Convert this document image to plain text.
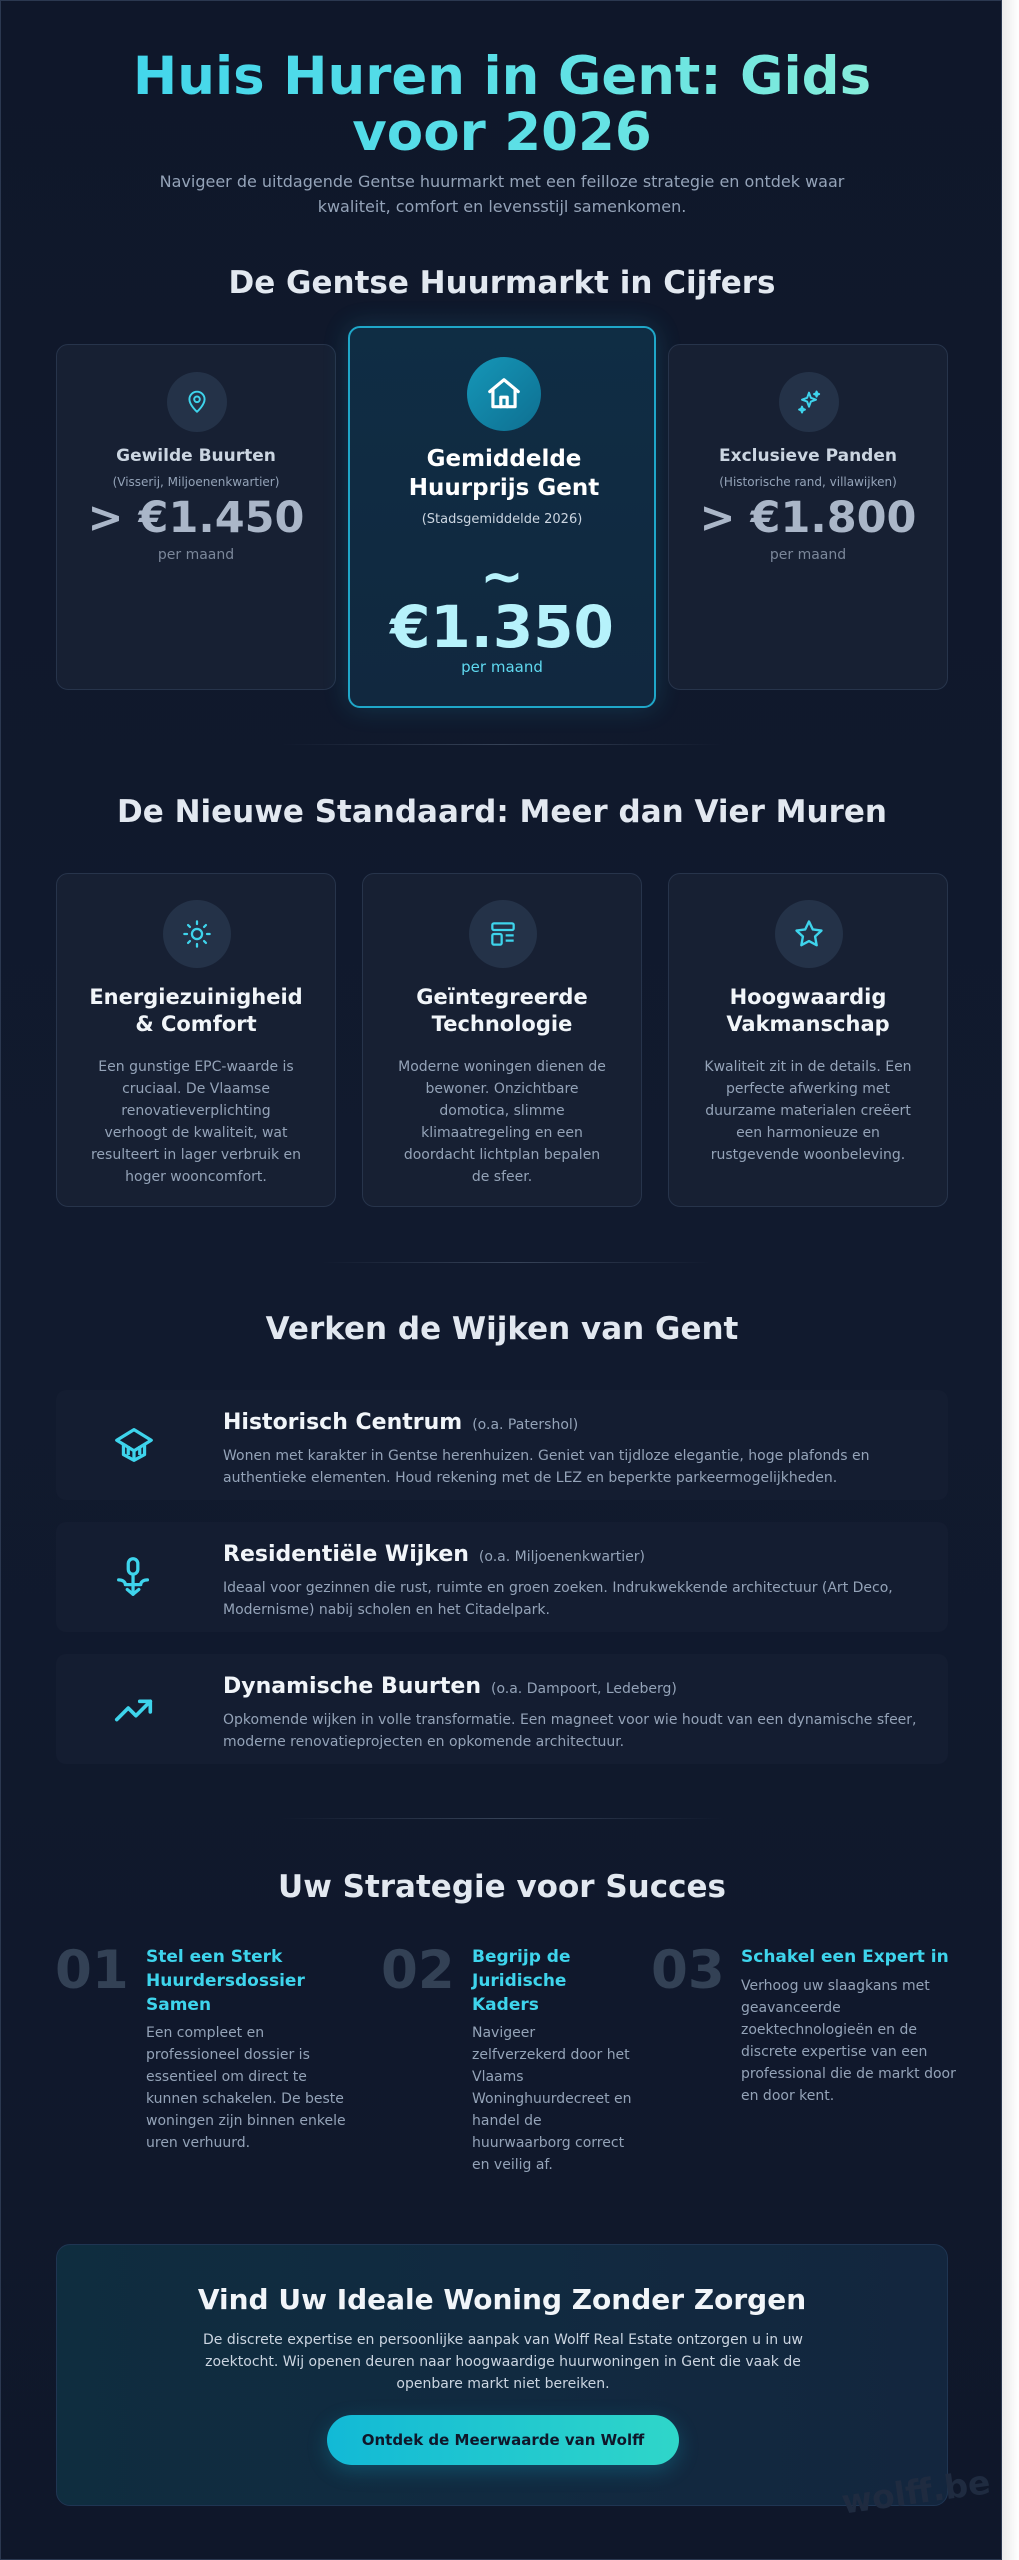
Huis Huren in Gent: Gids voor 2026

Navigeer de uitdagende Gentse huurmarkt met een feilloze strategie en ontdek waar kwaliteit, comfort en levensstijl samenkomen.

De Gentse Huurmarkt in Cijfers
Gewilde Buurten
(Visserij, Miljoenenkwartier)
> €1.450
per maand
Gemiddelde Huurprijs Gent
(Stadsgemiddelde 2026)
~
€1.350
per maand
Exclusieve Panden
(Historische rand, villawijken)
> €1.800
per maand
De Nieuwe Standaard: Meer dan Vier Muren
Energiezuinigheid & Comfort
Een gunstige EPC-waarde is cruciaal. De Vlaamse renovatieverplichting verhoogt de kwaliteit, wat resulteert in lager verbruik en hoger wooncomfort.
Geïntegreerde Technologie
Moderne woningen dienen de bewoner. Onzichtbare domotica, slimme klimaatregeling en een doordacht lichtplan bepalen de sfeer.
Hoogwaardig Vakmanschap
Kwaliteit zit in de details. Een perfecte afwerking met duurzame materialen creëert een harmonieuze en rustgevende woonbeleving.
Verken de Wijken van Gent
Historisch Centrum (o.a. Patershol)
Wonen met karakter in Gentse herenhuizen. Geniet van tijdloze elegantie, hoge plafonds en authentieke elementen. Houd rekening met de LEZ en beperkte parkeermogelijkheden.
Residentiële Wijken (o.a. Miljoenenkwartier)
Ideaal voor gezinnen die rust, ruimte en groen zoeken. Indrukwekkende architectuur (Art Deco, Modernisme) nabij scholen en het Citadelpark.
Dynamische Buurten (o.a. Dampoort, Ledeberg)
Opkomende wijken in volle transformatie. Een magneet voor wie houdt van een dynamische sfeer, moderne renovatieprojecten en opkomende architectuur.
Uw Strategie voor Succes
01 Stel een Sterk Huurdersdossier Samen
Een compleet en professioneel dossier is essentieel om direct te kunnen schakelen. De beste woningen zijn binnen enkele uren verhuurd.
02 Begrijp de Juridische Kaders
Navigeer zelfverzekerd door het Vlaams Woninghuurdecreet en handel de huurwaarborg correct en veilig af.
03 Schakel een Expert in
Verhoog uw slaagkans met geavanceerde zoektechnologieën en de discrete expertise van een professional die de markt door en door kent.
Vind Uw Ideale Woning Zonder Zorgen
De discrete expertise en persoonlijke aanpak van Wolff Real Estate ontzorgen u in uw zoektocht. Wij openen deuren naar hoogwaardige huurwoningen in Gent die vaak de openbare markt niet bereiken.
Ontdek de Meerwaarde van Wolff
wolff.be
